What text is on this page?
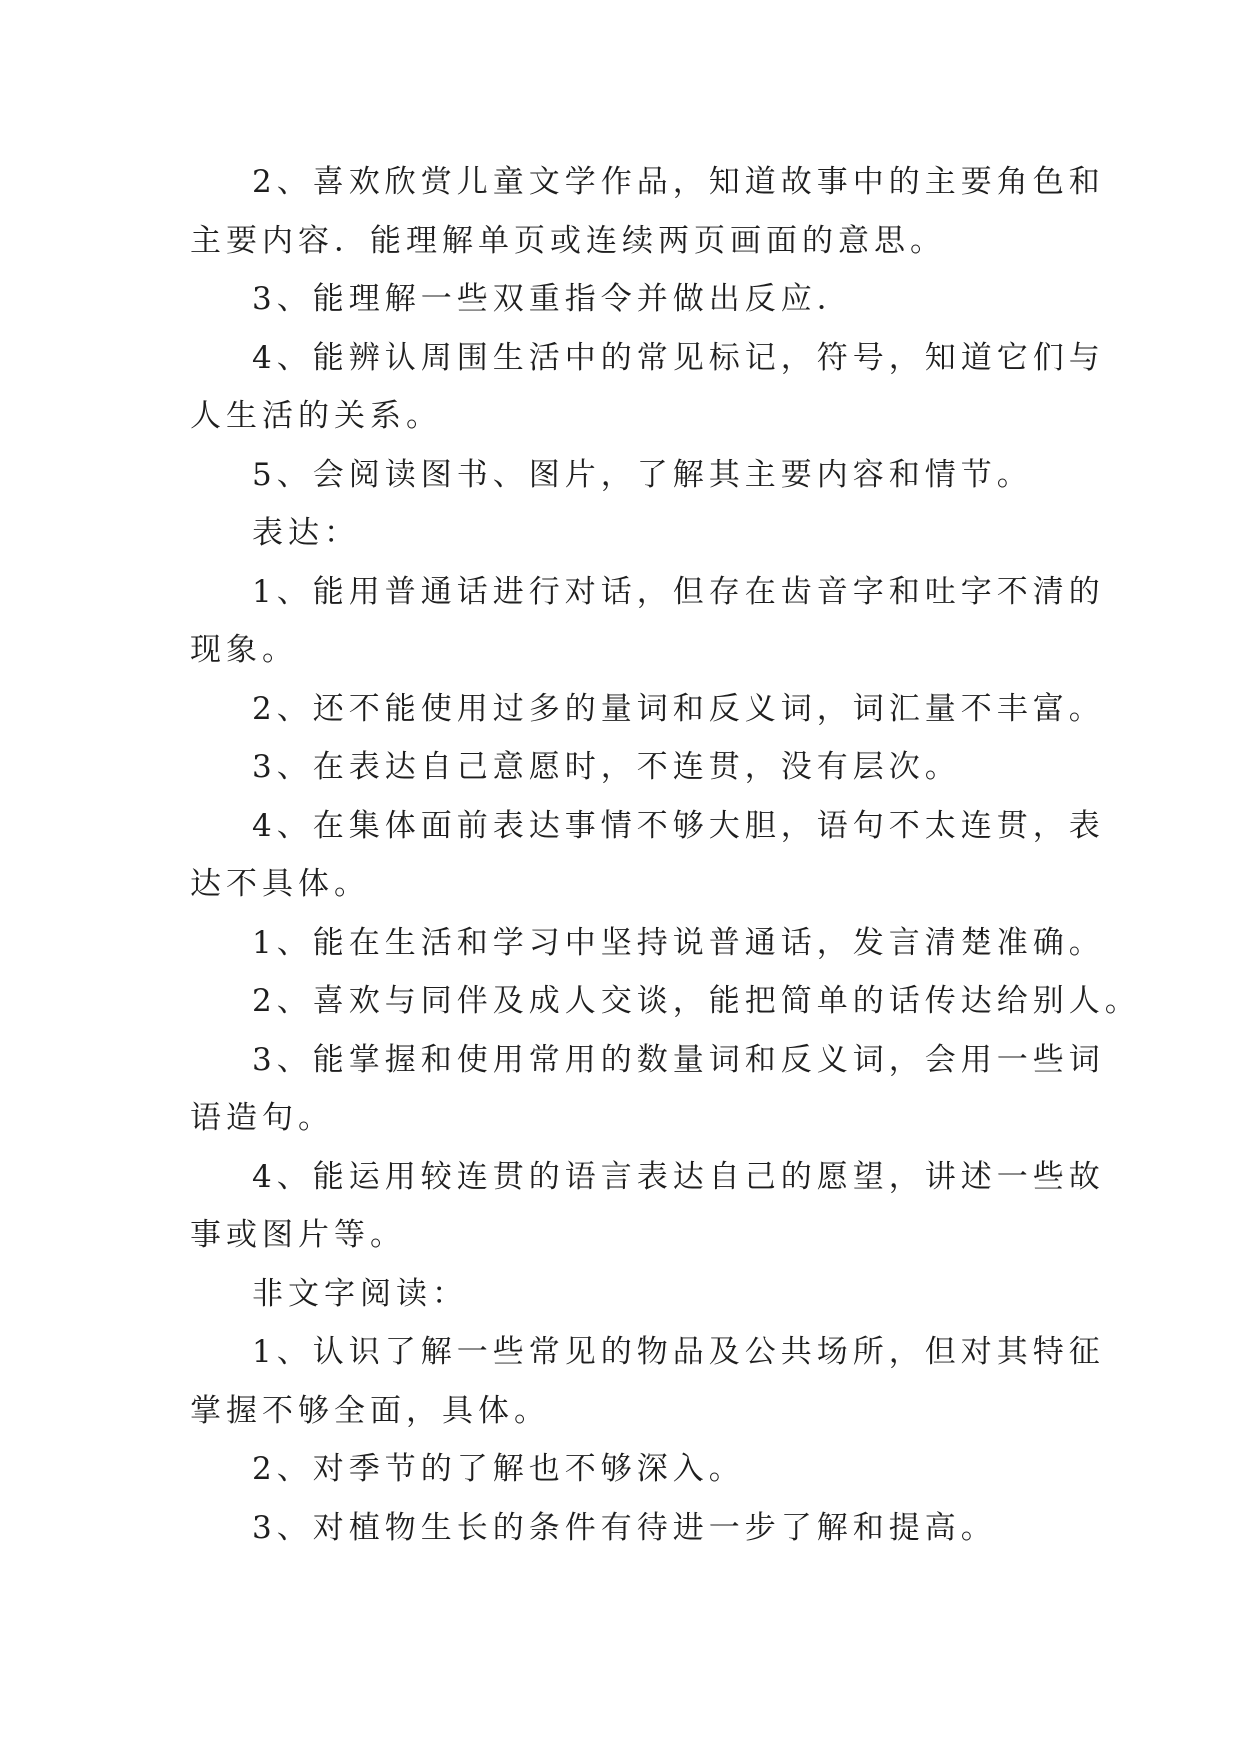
2、喜欢欣赏儿童文学作品，知道故事中的主要角色和
主要内容．能理解单页或连续两页画面的意思。
3、能理解一些双重指令并做出反应．
4、能辨认周围生活中的常见标记，符号，知道它们与
人生活的关系。
5、会阅读图书、图片，了解其主要内容和情节。
表达：
1、能用普通话进行对话，但存在齿音字和吐字不清的
现象。
2、还不能使用过多的量词和反义词，词汇量不丰富。
3、在表达自己意愿时，不连贯，没有层次。
4、在集体面前表达事情不够大胆，语句不太连贯，表
达不具体。
1、能在生活和学习中坚持说普通话，发言清楚准确。
2、喜欢与同伴及成人交谈，能把简单的话传达给别人。
3、能掌握和使用常用的数量词和反义词，会用一些词
语造句。
4、能运用较连贯的语言表达自己的愿望，讲述一些故
事或图片等。
非文字阅读：
1、认识了解一些常见的物品及公共场所，但对其特征
掌握不够全面，具体。
2、对季节的了解也不够深入。
3、对植物生长的条件有待进一步了解和提高。
